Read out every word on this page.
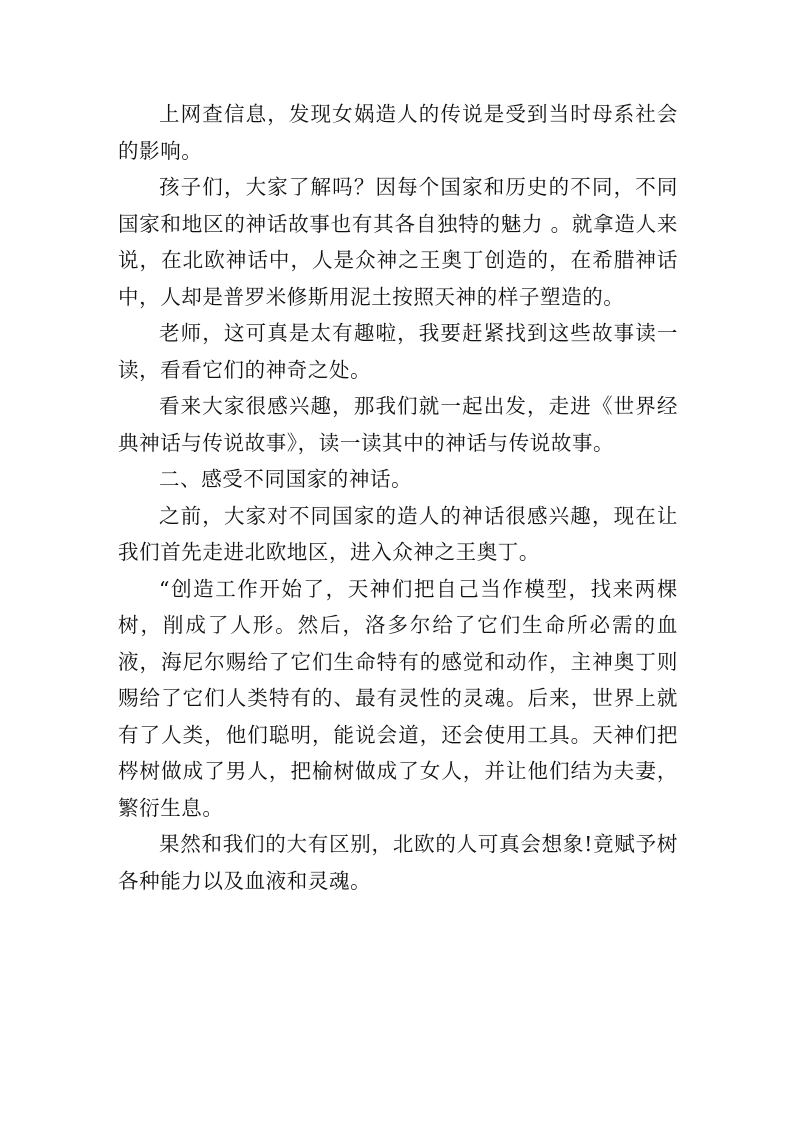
上网查信息，发现女娲造人的传说是受到当时母系社会的影响。

孩子们，大家了解吗？因每个国家和历史的不同，不同国家和地区的神话故事也有其各自独特的魅力 。就拿造人来说，在北欧神话中，人是众神之王奥丁创造的，在希腊神话中，人却是普罗米修斯用泥土按照天神的样子塑造的。

老师，这可真是太有趣啦，我要赶紧找到这些故事读一读，看看它们的神奇之处。

看来大家很感兴趣，那我们就一起出发，走进《世界经典神话与传说故事》，读一读其中的神话与传说故事。

二、感受不同国家的神话。

之前，大家对不同国家的造人的神话很感兴趣，现在让我们首先走进北欧地区，进入众神之王奥丁。

“创造工作开始了，天神们把自己当作模型，找来两棵树，削成了人形。然后，洛多尔给了它们生命所必需的血液，海尼尔赐给了它们生命特有的感觉和动作，主神奥丁则赐给了它们人类特有的、最有灵性的灵魂。后来，世界上就有了人类，他们聪明，能说会道，还会使用工具。天神们把梣树做成了男人，把榆树做成了女人，并让他们结为夫妻，繁衍生息。

果然和我们的大有区别，北欧的人可真会想象!竟赋予树各种能力以及血液和灵魂。
